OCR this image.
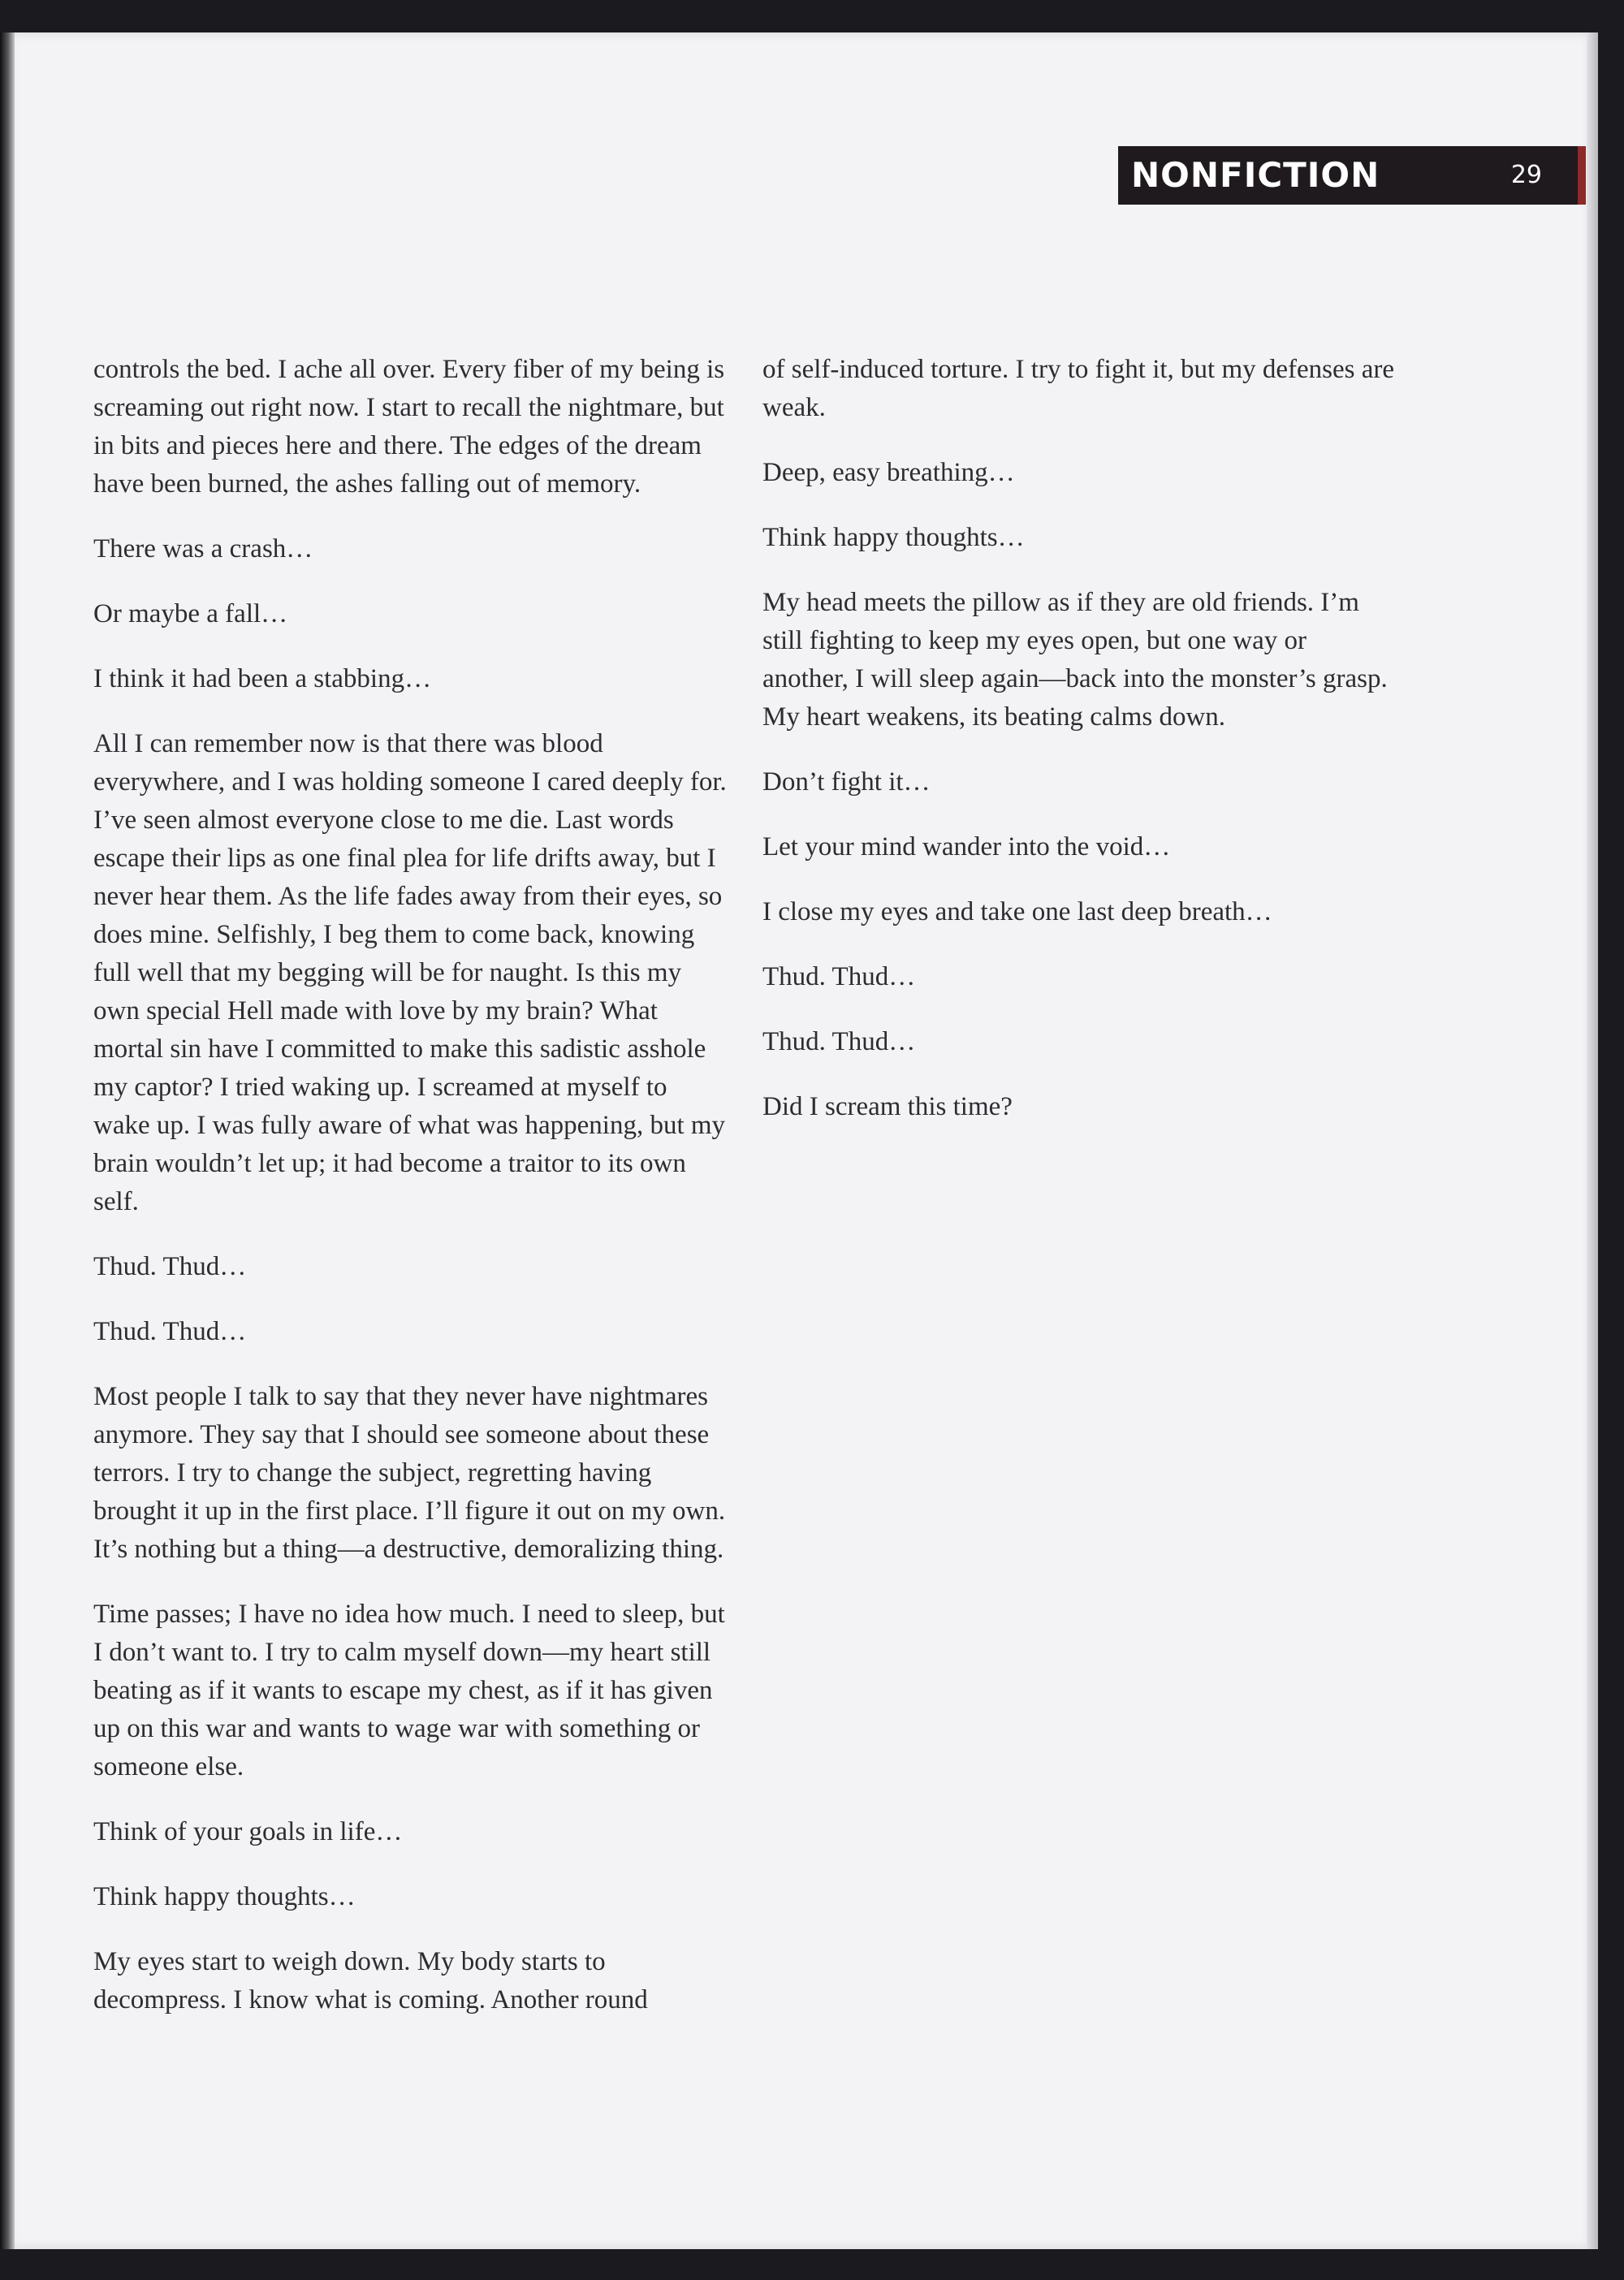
NONFICTION	29

controls the bed. I ache all over. Every fiber of my being is screaming out right now. I start to recall the nightmare, but in bits and pieces here and there. The edges of the dream have been burned, the ashes falling out of memory.

There was a crash…

Or maybe a fall…

I think it had been a stabbing…

All I can remember now is that there was blood everywhere, and I was holding someone I cared deeply for. I’ve seen almost everyone close to me die. Last words escape their lips as one final plea for life drifts away, but I never hear them. As the life fades away from their eyes, so does mine. Selfishly, I beg them to come back, knowing full well that my begging will be for naught. Is this my own special Hell made with love by my brain? What mortal sin have I committed to make this sadistic asshole my captor? I tried waking up. I screamed at myself to wake up. I was fully aware of what was happening, but my brain wouldn’t let up; it had become a traitor to its own self.

Thud. Thud…

Thud. Thud…

Most people I talk to say that they never have nightmares anymore. They say that I should see someone about these terrors. I try to change the subject, regretting having brought it up in the first place. I’ll figure it out on my own. It’s nothing but a thing—a destructive, demoralizing thing.

Time passes; I have no idea how much. I need to sleep, but I don’t want to. I try to calm myself down—my heart still beating as if it wants to escape my chest, as if it has given up on this war and wants to wage war with something or someone else.

Think of your goals in life…

Think happy thoughts…

My eyes start to weigh down. My body starts to decompress. I know what is coming. Another round

of self-induced torture. I try to fight it, but my defenses are weak.

Deep, easy breathing…

Think happy thoughts…

My head meets the pillow as if they are old friends. I’m still fighting to keep my eyes open, but one way or another, I will sleep again—back into the monster’s grasp. My heart weakens, its beating calms down.

Don’t fight it…

Let your mind wander into the void…

I close my eyes and take one last deep breath…

Thud. Thud…

Thud. Thud…

Did I scream this time?
